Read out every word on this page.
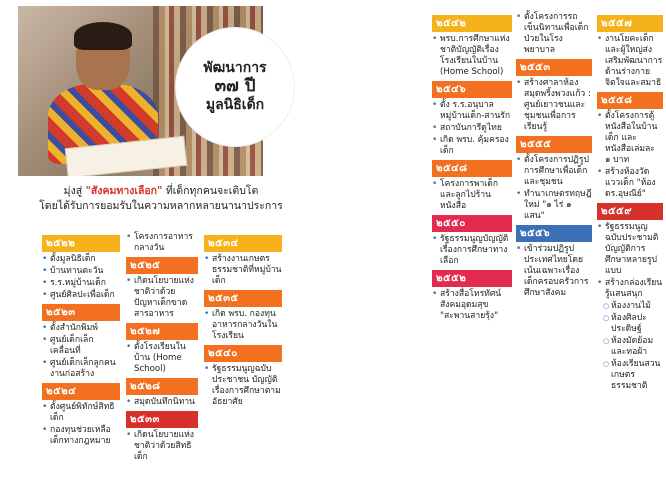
พัฒนาการ
๓๗ ปี
มูลนิธิเด็ก
มุ่งสู่ "สังคมทางเลือก" ที่เด็กทุกคนจะเติบโต
โดยได้รับการยอมรับในความหลากหลายนานาประการ
๒๕๒๒
• ตั้งมูลนิธิเด็ก
• บ้านทานตะวัน
• ร.ร.หมู่บ้านเด็ก
• ศูนย์ศิลปะเพื่อเด็ก
๒๕๒๓
• ตั้งสำนักพิมพ์
• ศูนย์เด็กเล็กเคลื่อนที่
• ศูนย์เด็กเล็กลูกคนงานก่อสร้าง
๒๕๒๔
• ตั้งศูนย์พิทักษ์สิทธิเด็ก
• กองทุนช่วยเหลือเด็กทางกฎหมาย
• โครงการอาหารกลางวัน
๒๕๒๕
• เกิดนโยบายแห่งชาติว่าด้วยปัญหาเด็กขาดสารอาหาร
๒๕๒๗
• ตั้งโรงเรียนในบ้าน (Home School)
๒๕๒๘
• สมุดบันทึกนิทาน
๒๕๓๓
• เกิดนโยบายแห่งชาติว่าด้วยสิทธิเด็ก
๒๕๓๔
• สร้างงานเกษตรธรรมชาติที่หมู่บ้านเด็ก
๒๕๓๕
• เกิด พรบ. กองทุนอาหารกลางวันในโรงเรียน
๒๕๔๐
• รัฐธรรมนูญฉบับประชาชน บัญญัติเรื่องการศึกษาตามอัธยาศัย
๒๕๔๒
• พรบ.การศึกษาแห่งชาติบัญญัติเรื่องโรงเรียนในบ้าน (Home School)
๒๕๔๖
• ตั้ง ร.ร.อนุบาลหมู่บ้านเด็ก-สานรัก
• สถาบันการีดูไทย
• เกิด พรบ. คุ้มครองเด็ก
๒๕๔๘
• โครงการพาเด็กและลูกไปร้านหนังสือ
๒๕๕๐
• รัฐธรรมนูญบัญญัติเรื่องการศึกษาทางเลือก
๒๕๕๒
• สร้างสื่อโทรทัศน์สังคมอุดมสุข "สะพานสายรุ้ง"
• ตั้งโครงการรถเข็นนิทานเพื่อเด็กป่วยในโรงพยาบาล
๒๕๕๓
• สร้างศาลาห้องสมุดพริ้งพวงแก้ว : ศูนย์เยาวชนและชุมชนเพื่อการเรียนรู้
๒๕๕๕
• ตั้งโครงการปฏิรูปการศึกษาเพื่อเด็กและชุมชน
• ทำนาเกษตรทฤษฎีใหม่ "๑ ไร่ ๑ แสน"
๒๕๕๖
• เข้าร่วมปฏิรูปประเทศไทยโดยเน้นเฉพาะเรื่องเด็กครอบครัวการศึกษาสังคม
๒๕๕๗
• งานโยคะเด็กและผู้ใหญ่ส่งเสริมพัฒนาการด้านร่างกายจิตใจและสมาธิ
๒๕๕๘
• ตั้งโครงการตู้หนังสือในบ้านเด็ก และหนังสือเล่มละ ๑ บาท
• สร้างห้องวัดแววเด็ก "ห้อง ดร.อุษณีย์"
๒๕๕๙
• รัฐธรรมนูญฉบับประชามติ บัญญัติการศึกษาหลายรูปแบบ
• สร้างกล่องเรียนรู้แสนสนุก
○ ห้องงานไม้
○ ห้องศิลปะประดิษฐ์
○ ห้องมัดย้อมและทอผ้า
○ ห้องเรียนสวนเกษตรธรรมชาติ
